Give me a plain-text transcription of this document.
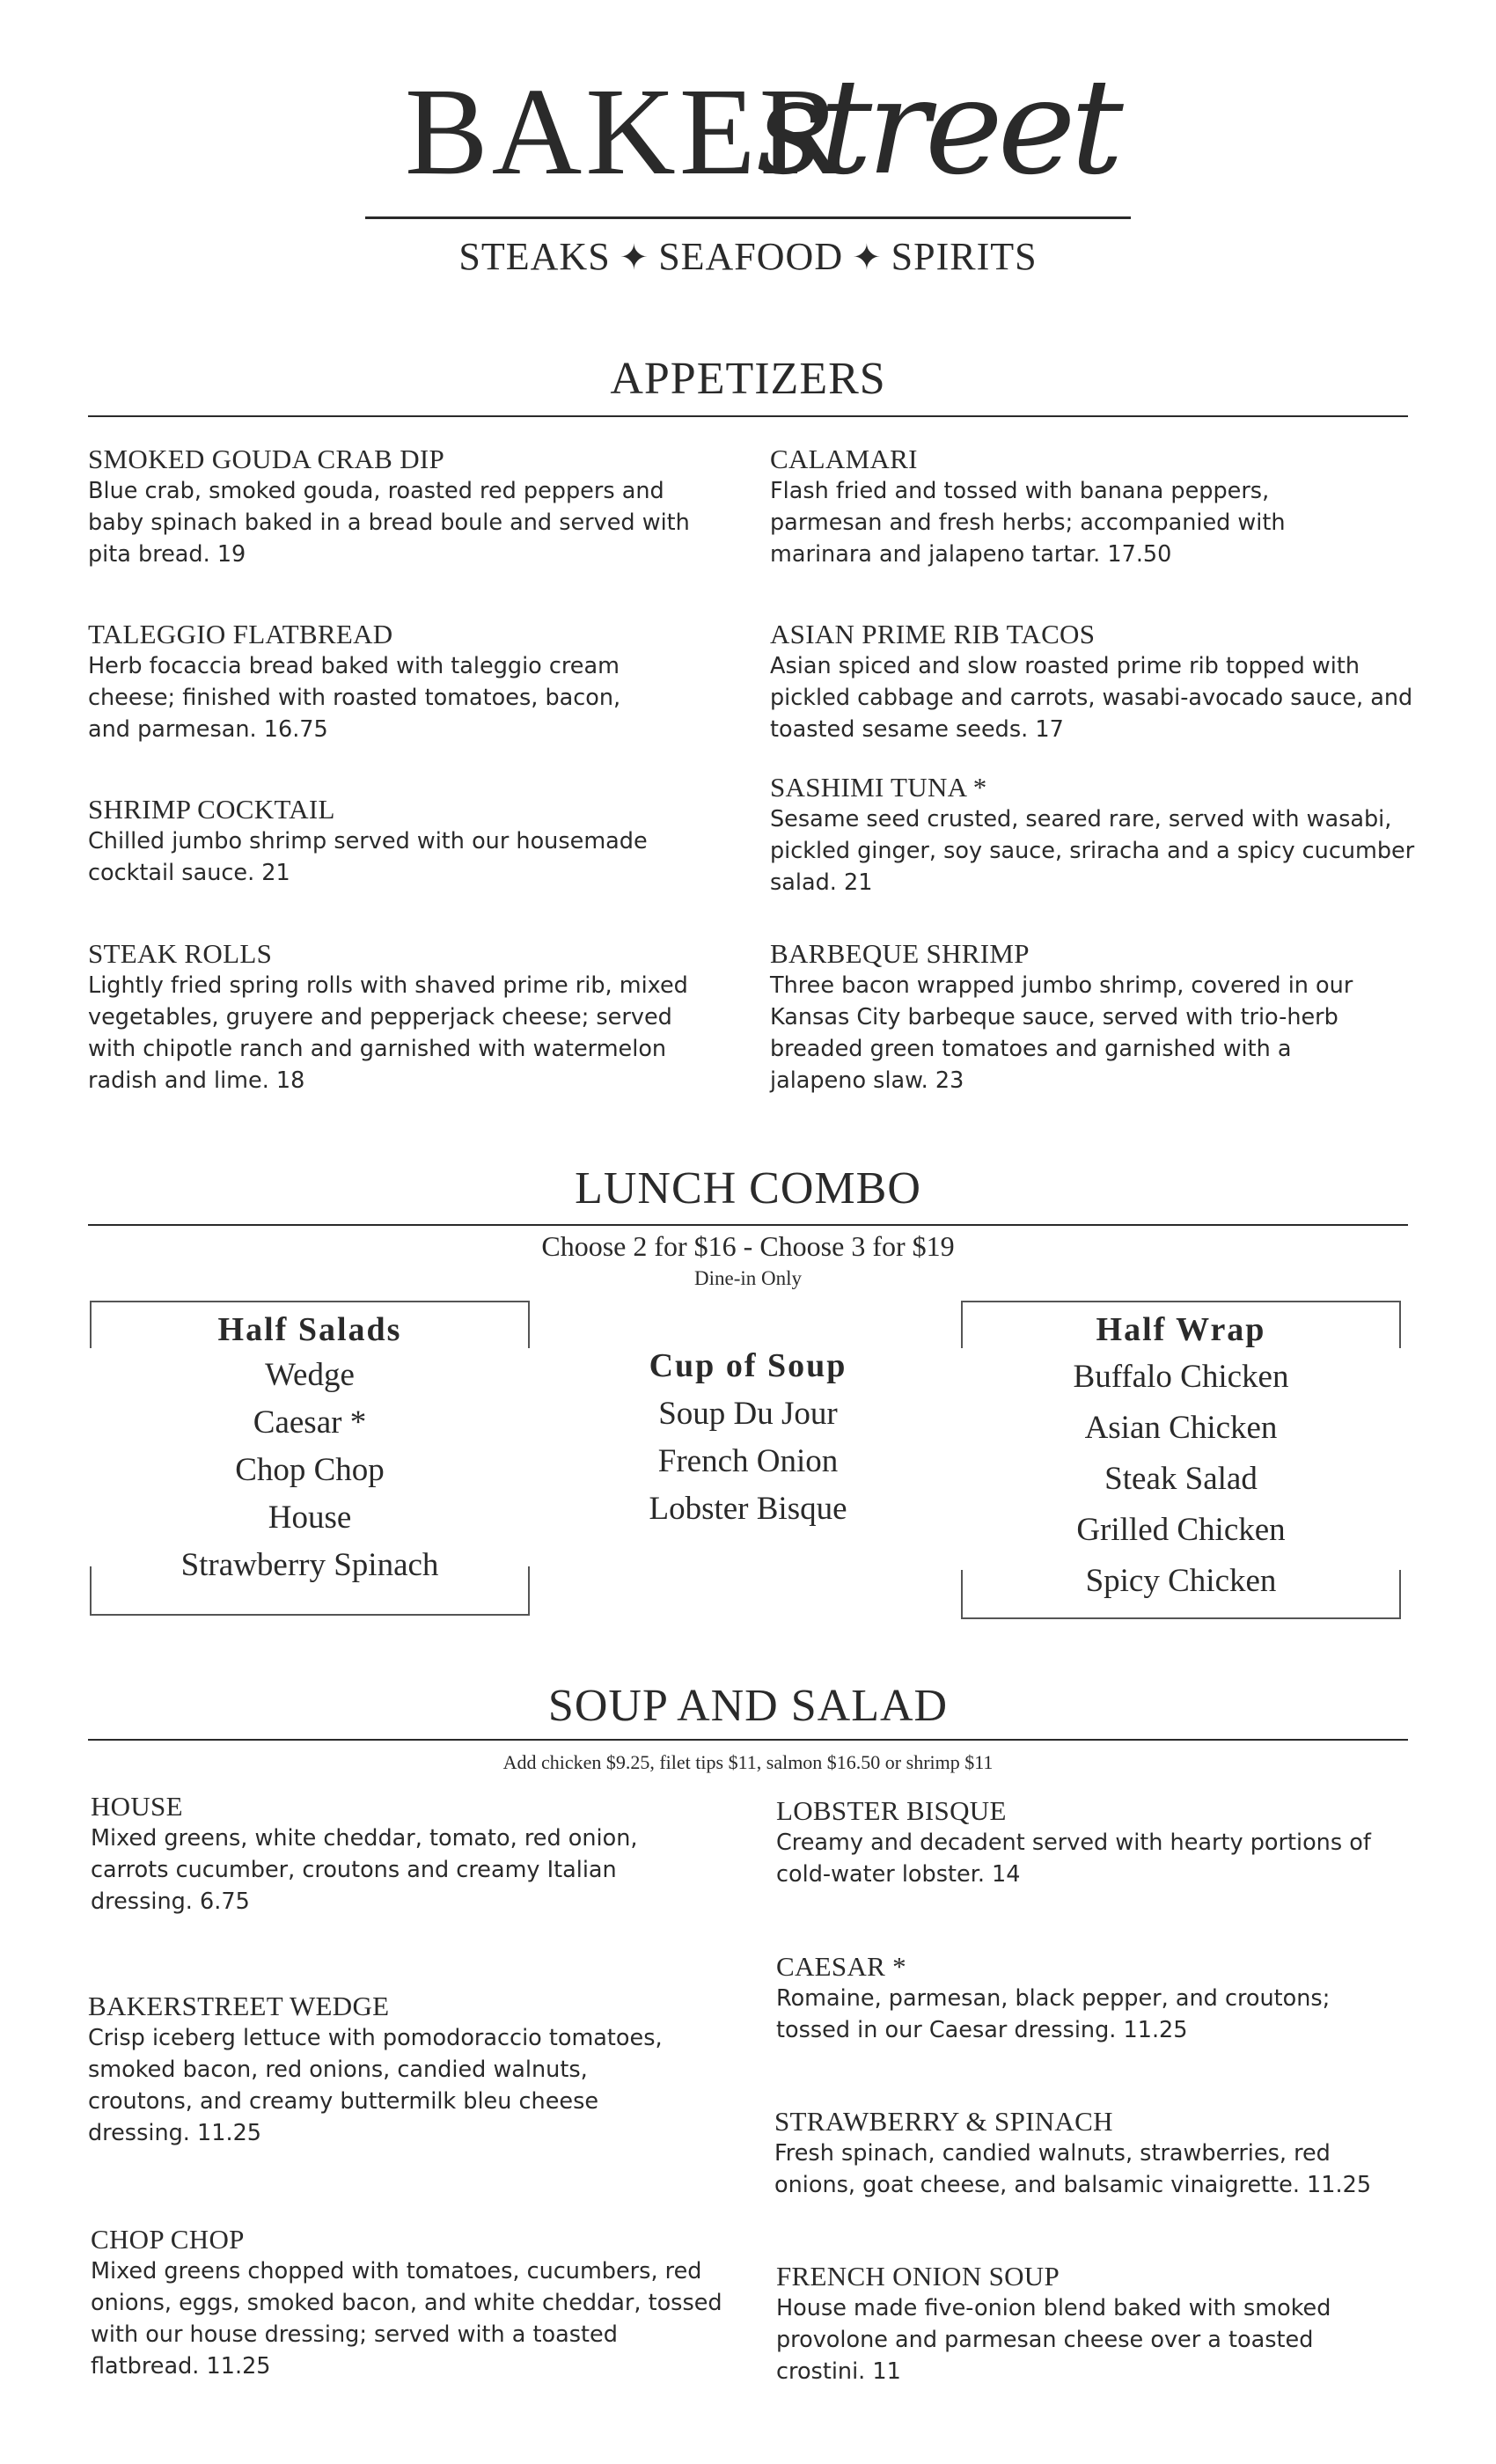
BAKER
street
STEAKS ✦ SEAFOOD ✦ SPIRITS
APPETIZERS
SMOKED GOUDA CRAB DIP
Blue crab, smoked gouda, roasted red peppers and
baby spinach baked in a bread boule and served with
pita bread. 19
TALEGGIO FLATBREAD
Herb focaccia bread baked with taleggio cream
cheese; finished with roasted tomatoes, bacon,
and parmesan. 16.75
SHRIMP COCKTAIL
Chilled jumbo shrimp served with our housemade
cocktail sauce. 21
STEAK ROLLS
Lightly fried spring rolls with shaved prime rib, mixed
vegetables, gruyere and pepperjack cheese; served
with chipotle ranch and garnished with watermelon
radish and lime. 18
CALAMARI
Flash fried and tossed with banana peppers,
parmesan and fresh herbs; accompanied with
marinara and jalapeno tartar. 17.50
ASIAN PRIME RIB TACOS
Asian spiced and slow roasted prime rib topped with
pickled cabbage and carrots, wasabi-avocado sauce, and
toasted sesame seeds. 17
SASHIMI TUNA *
Sesame seed crusted, seared rare, served with wasabi,
pickled ginger, soy sauce, sriracha and a spicy cucumber
salad. 21
BARBEQUE SHRIMP
Three bacon wrapped jumbo shrimp, covered in our
Kansas City barbeque sauce, served with trio-herb
breaded green tomatoes and garnished with a
jalapeno slaw. 23
LUNCH COMBO
Choose 2 for $16 - Choose 3 for $19
Dine-in Only
Half Salads
Wedge
Caesar *
Chop Chop
House
Strawberry Spinach
Cup of Soup
Soup Du Jour
French Onion
Lobster Bisque
Half Wrap
Buffalo Chicken
Asian Chicken
Steak Salad
Grilled Chicken
Spicy Chicken
SOUP AND SALAD
Add chicken $9.25, filet tips $11, salmon $16.50 or shrimp $11
HOUSE
Mixed greens, white cheddar, tomato, red onion,
carrots cucumber, croutons and creamy Italian
dressing. 6.75
BAKERSTREET WEDGE
Crisp iceberg lettuce with pomodoraccio tomatoes,
smoked bacon, red onions, candied walnuts,
croutons, and creamy buttermilk bleu cheese
dressing. 11.25
CHOP CHOP
Mixed greens chopped with tomatoes, cucumbers, red
onions, eggs, smoked bacon, and white cheddar, tossed
with our house dressing; served with a toasted
flatbread. 11.25
LOBSTER BISQUE
Creamy and decadent served with hearty portions of
cold-water lobster. 14
CAESAR *
Romaine, parmesan, black pepper, and croutons;
tossed in our Caesar dressing. 11.25
STRAWBERRY & SPINACH
Fresh spinach, candied walnuts, strawberries, red
onions, goat cheese, and balsamic vinaigrette. 11.25
FRENCH ONION SOUP
House made five-onion blend baked with smoked
provolone and parmesan cheese over a toasted
crostini. 11
